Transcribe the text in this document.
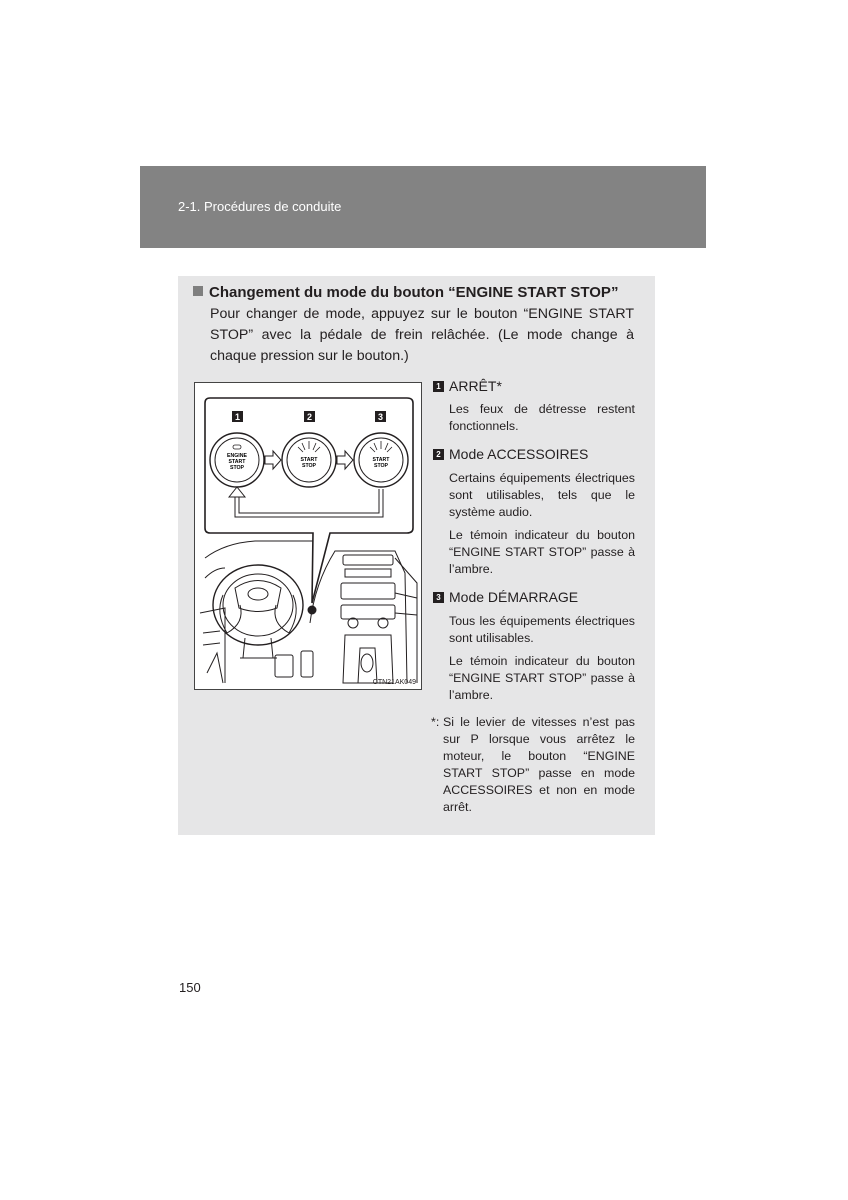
2-1. Procédures de conduite
Changement du mode du bouton “ENGINE START STOP”
Pour changer de mode, appuyez sur le bouton “ENGINE START STOP” avec la pédale de frein relâchée. (Le mode change à chaque pression sur le bouton.)
1	2	3
ENGINE
START
STOP
START
STOP
START
STOP
CTN21AK049
1 ARRÊT*

Les feux de détresse restent fonctionnels.

2 Mode ACCESSOIRES

Certains équipements électriques sont utilisables, tels que le système audio.

Le témoin indicateur du bouton “ENGINE START STOP” passe à l’ambre.

3 Mode DÉMARRAGE

Tous les équipements électriques sont utilisables.

Le témoin indicateur du bouton “ENGINE START STOP” passe à l’ambre.

*: Si le levier de vitesses n’est pas sur P lorsque vous arrêtez le moteur, le bouton “ENGINE START STOP” passe en mode ACCESSOIRES et non en mode arrêt.
150
